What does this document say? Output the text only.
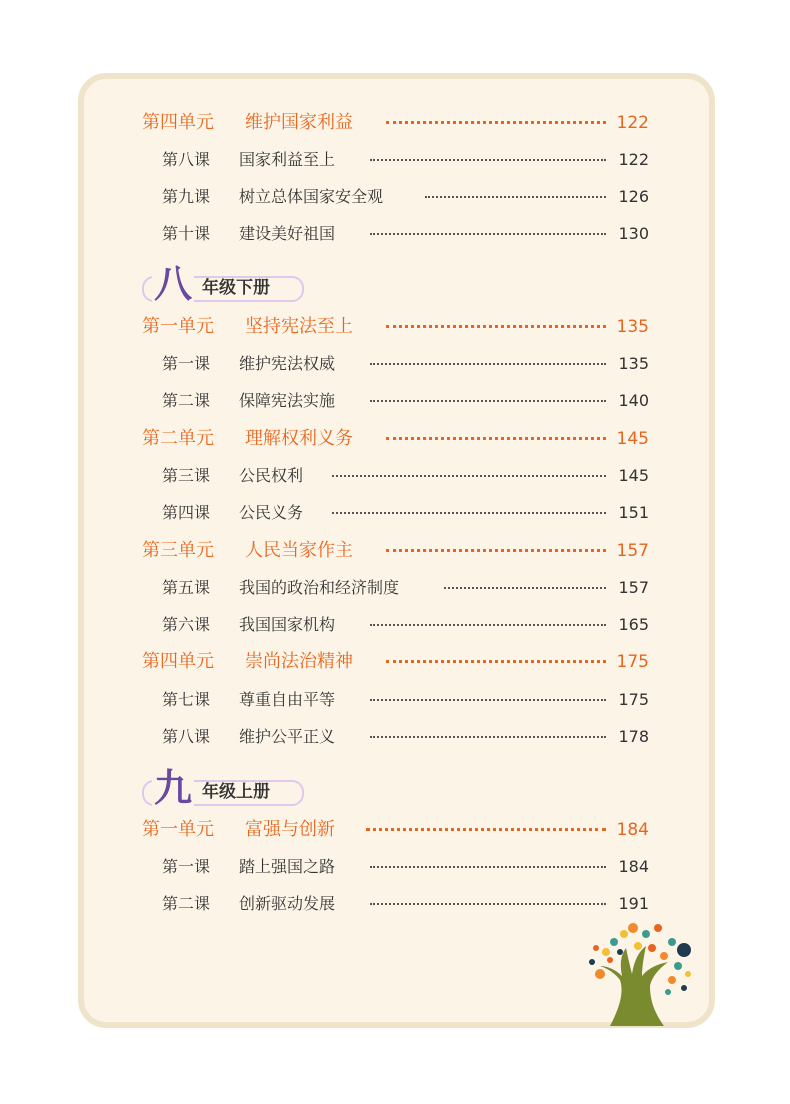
第四单元 维护国家利益	122
第八课 国家利益至上	122
第九课 树立总体国家安全观	126
第十课 建设美好祖国	130
八 年级下册
第一单元 坚持宪法至上	135
第一课 维护宪法权威	135
第二课 保障宪法实施	140
第二单元 理解权利义务	145
第三课 公民权利	145
第四课 公民义务	151
第三单元 人民当家作主	157
第五课 我国的政治和经济制度	157
第六课 我国国家机构	165
第四单元 崇尚法治精神	175
第七课 尊重自由平等	175
第八课 维护公平正义	178
九 年级上册
第一单元 富强与创新	184
第一课 踏上强国之路	184
第二课 创新驱动发展	191
